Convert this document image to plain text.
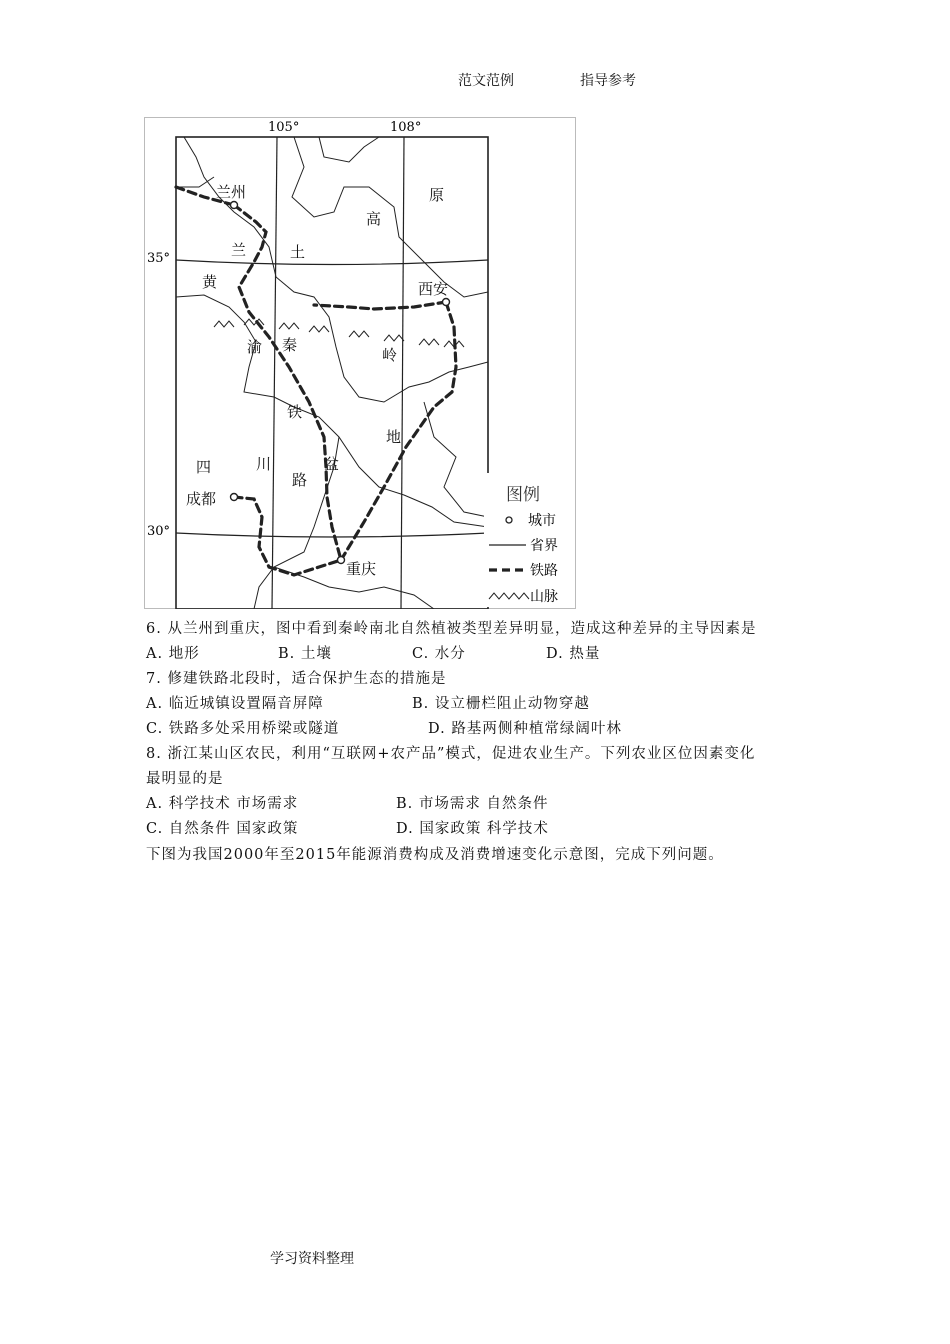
范文范例	指导参考
105°	108°
35°
30°
兰州
西安
成都
重庆
土
高
原
兰
黄
渝 秦
岭
铁
路
四	川	盆
地
图例
城市
省界
铁路
山脉
6. 从兰州到重庆，图中看到秦岭南北自然植被类型差异明显，造成这种差异的主导因素是
A. 地形	B. 土壤	C. 水分	D. 热量
7. 修建铁路北段时，适合保护生态的措施是
A. 临近城镇设置隔音屏障	B. 设立栅栏阻止动物穿越
C. 铁路多处采用桥梁或隧道	D. 路基两侧种植常绿阔叶林
8. 浙江某山区农民，利用“互联网+农产品”模式，促进农业生产。下列农业区位因素变化
最明显的是
A. 科学技术 市场需求	B. 市场需求 自然条件
C. 自然条件 国家政策	D. 国家政策 科学技术
下图为我国2000年至2015年能源消费构成及消费增速变化示意图，完成下列问题。
学习资料整理
